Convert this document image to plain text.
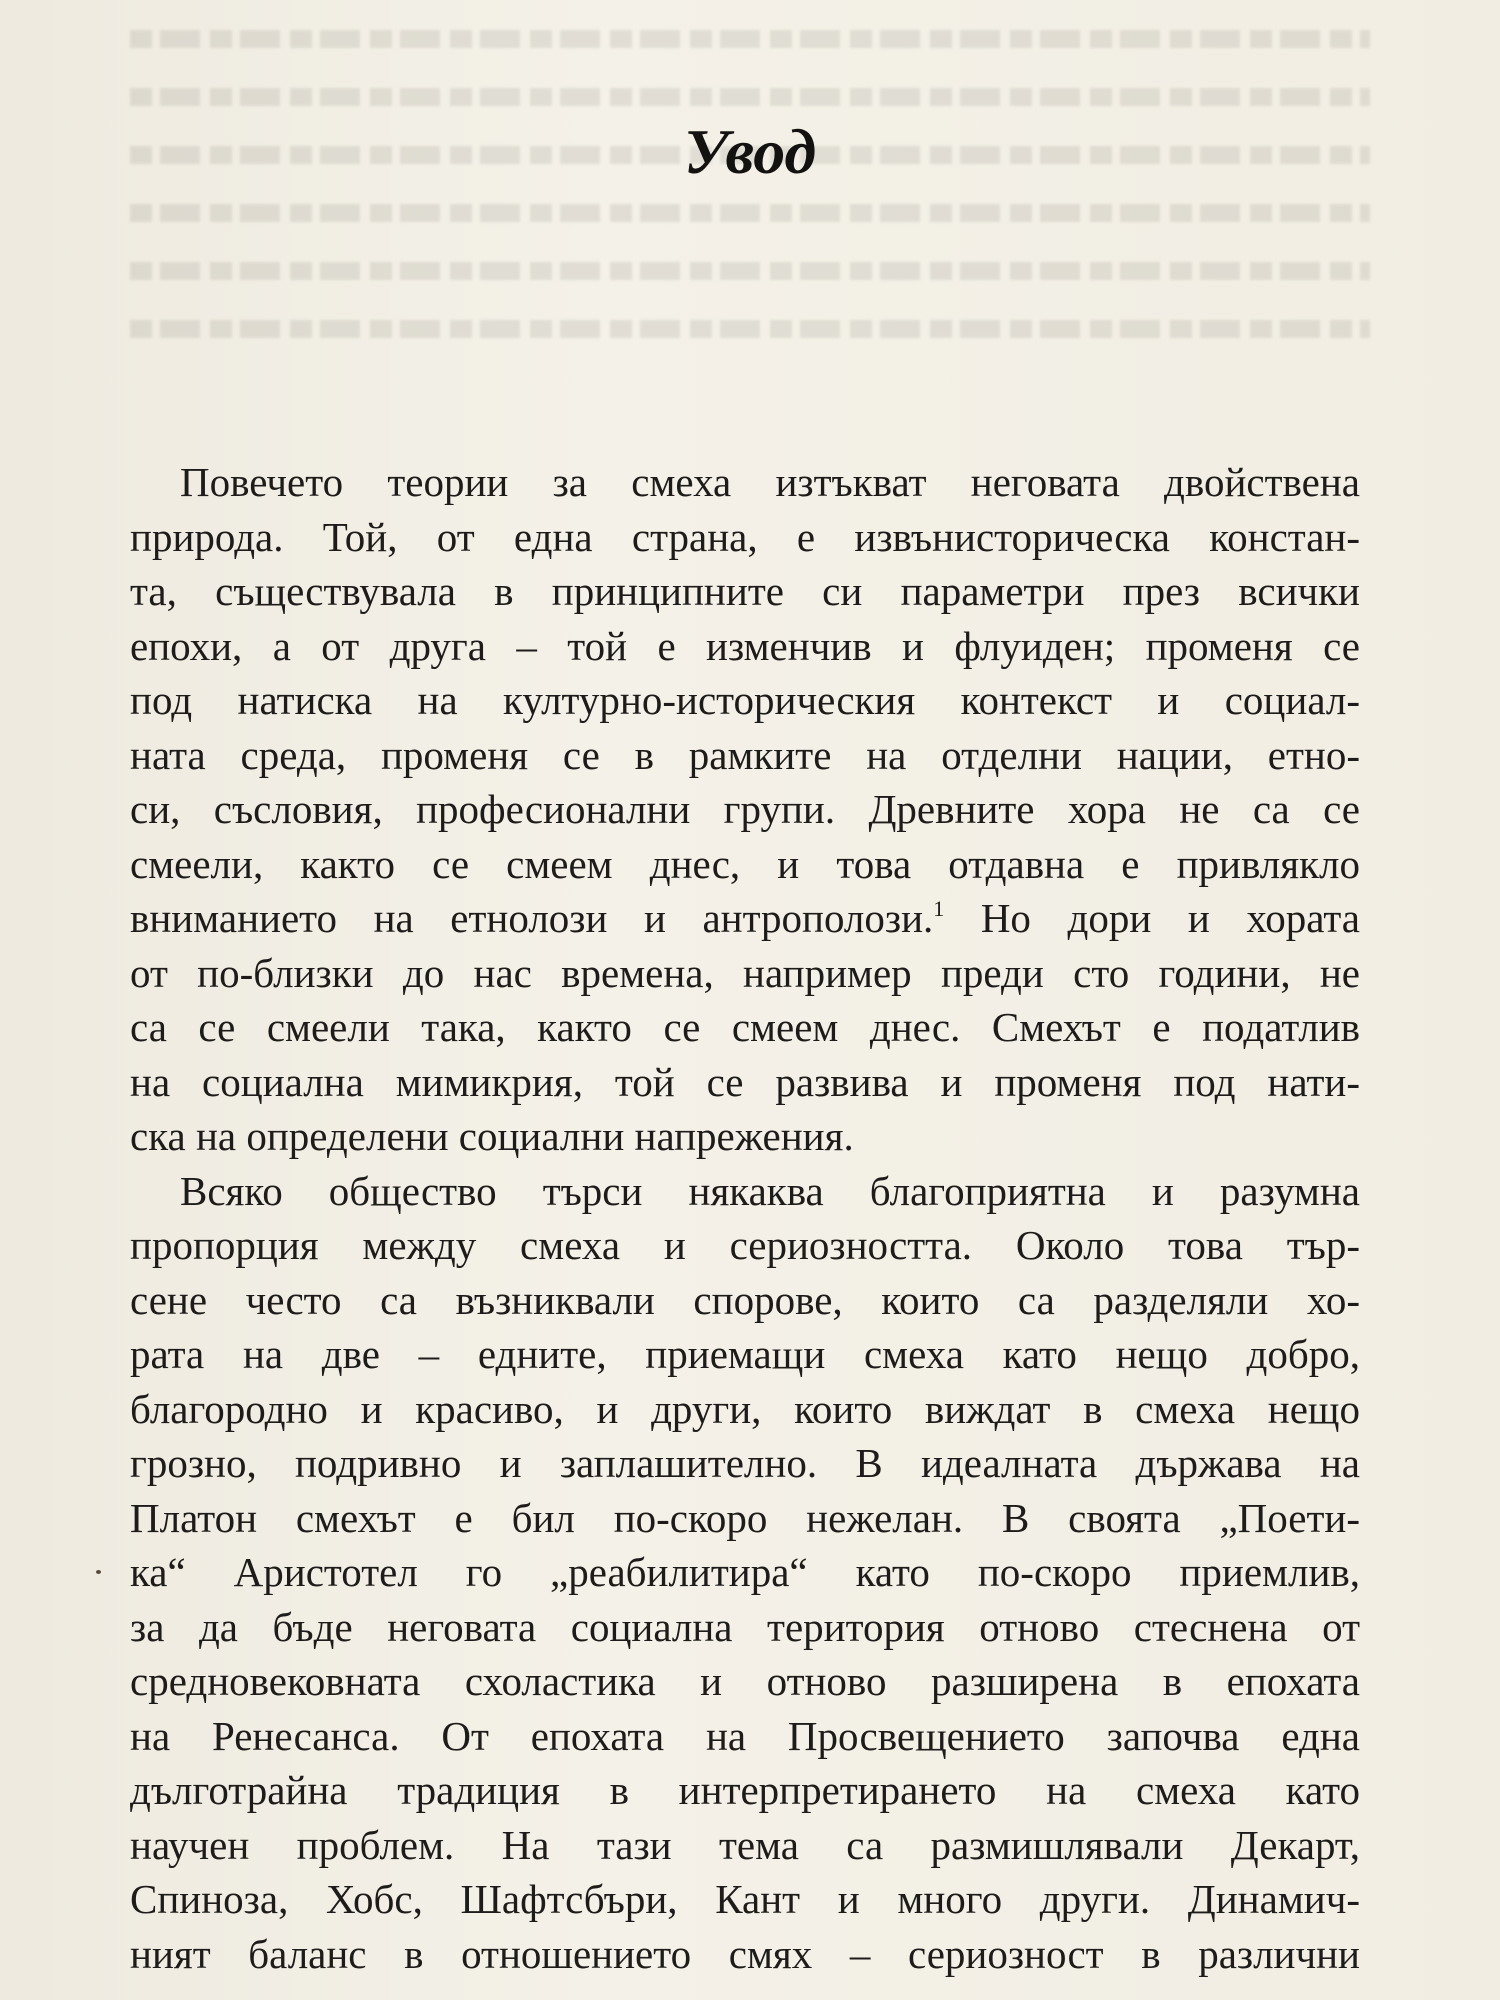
Увод
Повечето теории за смеха изтъкват неговата двойствена
природа. Той, от една страна, е извънисторическа констан-
та, съществувала в принципните си параметри през всички
епохи, а от друга – той е изменчив и флуиден; променя се
под натиска на културно-историческия контекст и социал-
ната среда, променя се в рамките на отделни нации, етно-
си, съсловия, професионални групи. Древните хора не са се
смеели, както се смеем днес, и това отдавна е привлякло
вниманието на етнолози и антрополози.$^1$ Но дори и хората
от по-близки до нас времена, например преди сто години, не
са се смеели така, както се смеем днес. Смехът е податлив
на социална мимикрия, той се развива и променя под нати-
ска на определени социални напрежения.
Всяко общество търси някаква благоприятна и разумна
пропорция между смеха и сериозността. Около това тър-
сене често са възниквали спорове, които са разделяли хо-
рата на две – едните, приемащи смеха като нещо добро,
благородно и красиво, и други, които виждат в смеха нещо
грозно, подривно и заплашително. В идеалната държава на
Платон смехът е бил по-скоро нежелан. В своята „Поети-
ка“ Аристотел го „реабилитира“ като по-скоро приемлив,
за да бъде неговата социална територия отново стеснена от
средновековната схоластика и отново разширена в епохата
на Ренесанса. От епохата на Просвещението започва една
дълготрайна традиция в интерпретирането на смеха като
научен проблем. На тази тема са размишлявали Декарт,
Спиноза, Хобс, Шафтсбъри, Кант и много други. Динамич-
ният баланс в отношението смях – сериозност в различни
